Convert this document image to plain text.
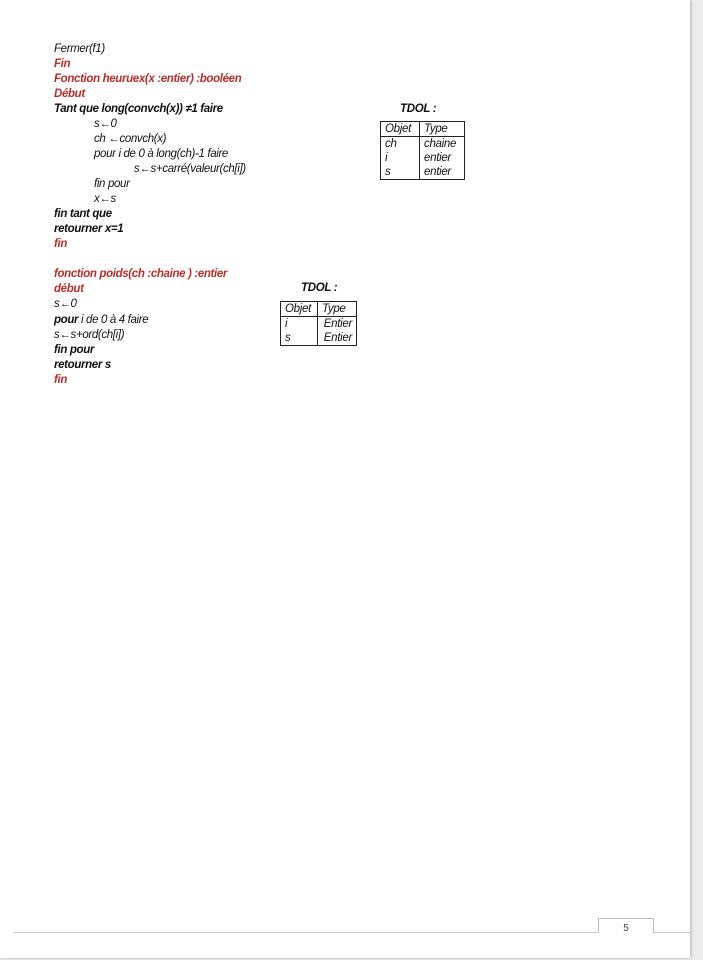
Fermer(f1)
Fin
Fonction heuruex(x :entier) :booléen
Début
Tant que long(convch(x)) ≠1 faire
s←0
ch ←convch(x)
pour i de 0 à long(ch)-1 faire
s←s+carré(valeur(ch[i])
fin pour
x←s
fin tant que
retourner x=1
fin
TDOL :
Objet	Type
ch	chaine
i	entier
s	entier
fonction poids(ch :chaine ) :entier
début
s←0
pour i de 0 à 4 faire
s←s+ord(ch[i])
fin pour
retourner s
fin
TDOL :
Objet	Type
i	Entier
s	Entier
5
